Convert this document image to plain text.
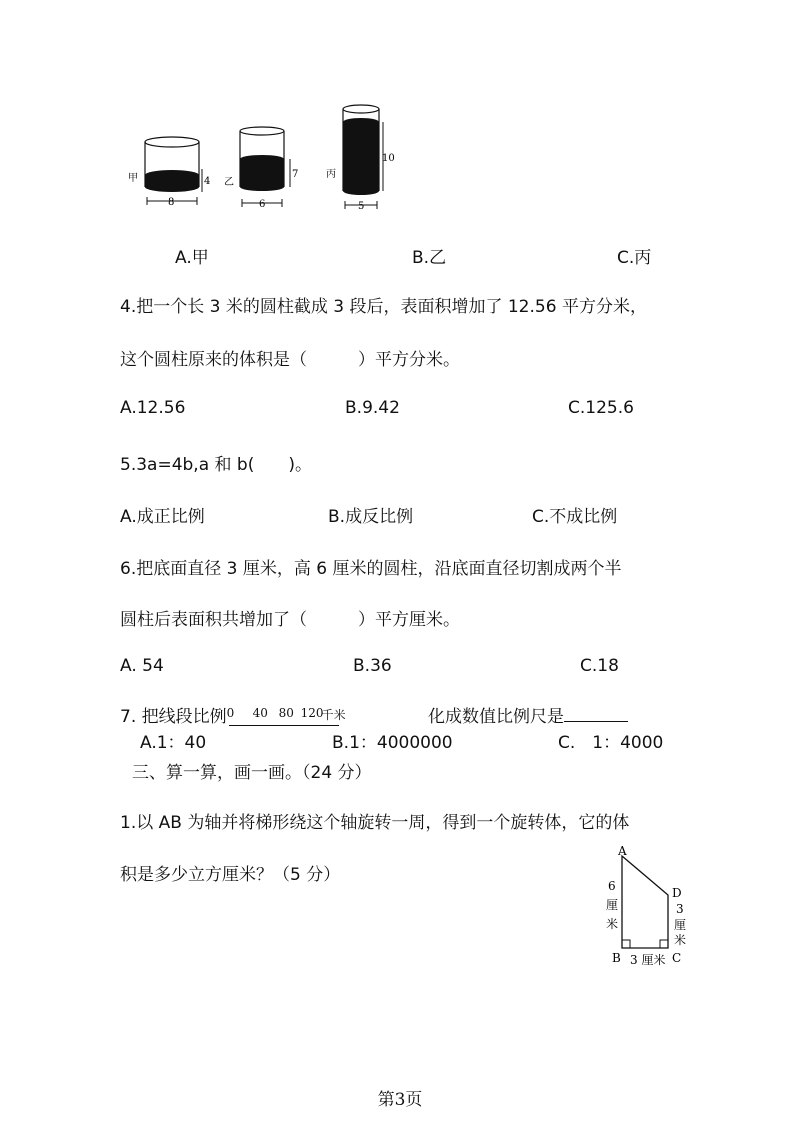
甲
8
4 乙
6
7	丙
5
10
A.甲	B.乙	C.丙
4.把一个长 3 米的圆柱截成 3 段后，表面积增加了 12.56 平方分米，
这个圆柱原来的体积是（　　　）平方分米。
A.12.56	B.9.42	C.125.6
5.3a=4b,a 和 b(　　)。
A.成正比例	B.成反比例	C.不成比例
6.把底面直径 3 厘米，高 6 厘米的圆柱，沿底面直径切割成两个半
圆柱后表面积共增加了（　　　）平方厘米。
A. 54	B.36	C.18
7. 把线段比例 0 40 80 120
千米	化成数值比例尺是
A.1：40	B.1：4000000	C.　1：4000
三、算一算，画一画。（24 分）
1.以 AB 为轴并将梯形绕这个轴旋转一周，得到一个旋转体，它的体
积是多少立方厘米？（5 分）
A
B	C
D
6
厘
米
3
厘
米
3 厘米
第3页
